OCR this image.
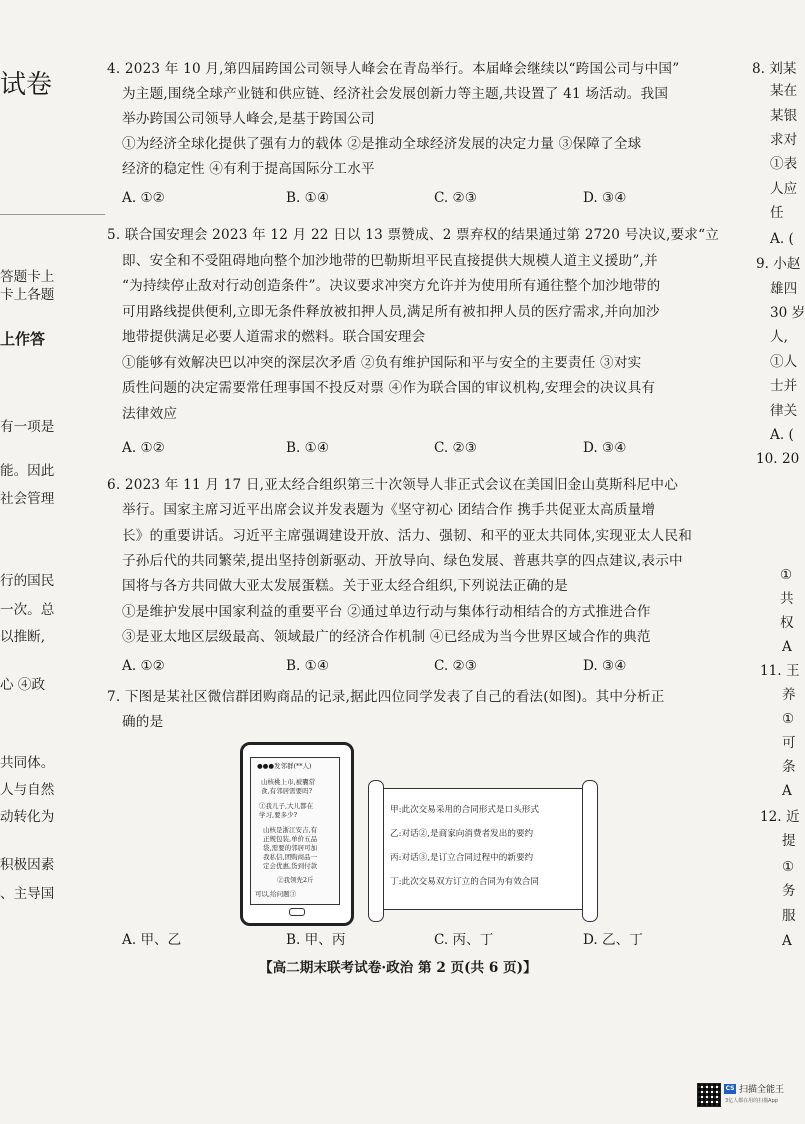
试卷
答题卡上
卡上各题
上作答
有一项是
能。因此
社会管理
行的国民
一次。总
以推断,
心 ④政
共同体。
人与自然
动转化为
积极因素
、主导国
8. 刘某
某在
某银
求对
①表
人应
任
A. (
9. 小赵
雄四
30 岁
人,
①人
士并
律关
A. (
10. 20
①
共
权
A
11. 王
养
①
可
条
A
12. 近
提
①
务
服
A
4. 2023 年 10 月,第四届跨国公司领导人峰会在青岛举行。本届峰会继续以“跨国公司与中国”
为主题,围绕全球产业链和供应链、经济社会发展创新力等主题,共设置了 41 场活动。我国
举办跨国公司领导人峰会,是基于跨国公司
①为经济全球化提供了强有力的载体 ②是推动全球经济发展的决定力量 ③保障了全球
经济的稳定性 ④有利于提高国际分工水平
A. ①②	B. ①④	C. ②③	D. ③④
5. 联合国安理会 2023 年 12 月 22 日以 13 票赞成、2 票弃权的结果通过第 2720 号决议,要求“立
即、安全和不受阻碍地向整个加沙地带的巴勒斯坦平民直接提供大规模人道主义援助”,并
“为持续停止敌对行动创造条件”。决议要求冲突方允许并为使用所有通往整个加沙地带的
可用路线提供便利,立即无条件释放被扣押人员,满足所有被扣押人员的医疗需求,并向加沙
地带提供满足必要人道需求的燃料。联合国安理会
①能够有效解决巴以冲突的深层次矛盾 ②负有维护国际和平与安全的主要责任 ③对实
质性问题的决定需要常任理事国不投反对票 ④作为联合国的审议机构,安理会的决议具有
法律效应
A. ①②	B. ①④	C. ②③	D. ③④
6. 2023 年 11 月 17 日,亚太经合组织第三十次领导人非正式会议在美国旧金山莫斯科尼中心
举行。国家主席习近平出席会议并发表题为《坚守初心 团结合作 携手共促亚太高质量增
长》的重要讲话。习近平主席强调建设开放、活力、强韧、和平的亚太共同体,实现亚太人民和
子孙后代的共同繁荣,提出坚持创新驱动、开放导向、绿色发展、普惠共享的四点建议,表示中
国将与各方共同做大亚太发展蛋糕。关于亚太经合组织,下列说法正确的是
①是维护发展中国家利益的重要平台 ②通过单边行动与集体行动相结合的方式推进合作
③是亚太地区层级最高、领域最广的经济合作机制 ④已经成为当今世界区域合作的典范
A. ①②	B. ①④	C. ②③	D. ③④
7. 下图是某社区微信群团购商品的记录,据此四位同学发表了自己的看法(如图)。其中分析正
确的是
●●●发邻群(**人)
山核桃上市,被囊常
食,有邻居需要吗?
①我儿子,大儿都在
学习,要多少?
山核是浙江安吉,有
正规包装,单价五品
袋,需要的邻居可加
我私信,团购商品一
定会优惠,货到付款
②我领先2斤
可以,给问题③
甲:此次交易采用的合同形式是口头形式
乙:对话②,是商家向消费者发出的要约
丙:对话③,是订立合同过程中的新要约
丁:此次交易双方订立的合同为有效合同
A. 甲、乙	B. 甲、丙	C. 丙、丁	D. 乙、丁
【高二期末联考试卷·政治 第 2 页(共 6 页)】
CS 扫描全能王
3亿人都在用的扫描App
